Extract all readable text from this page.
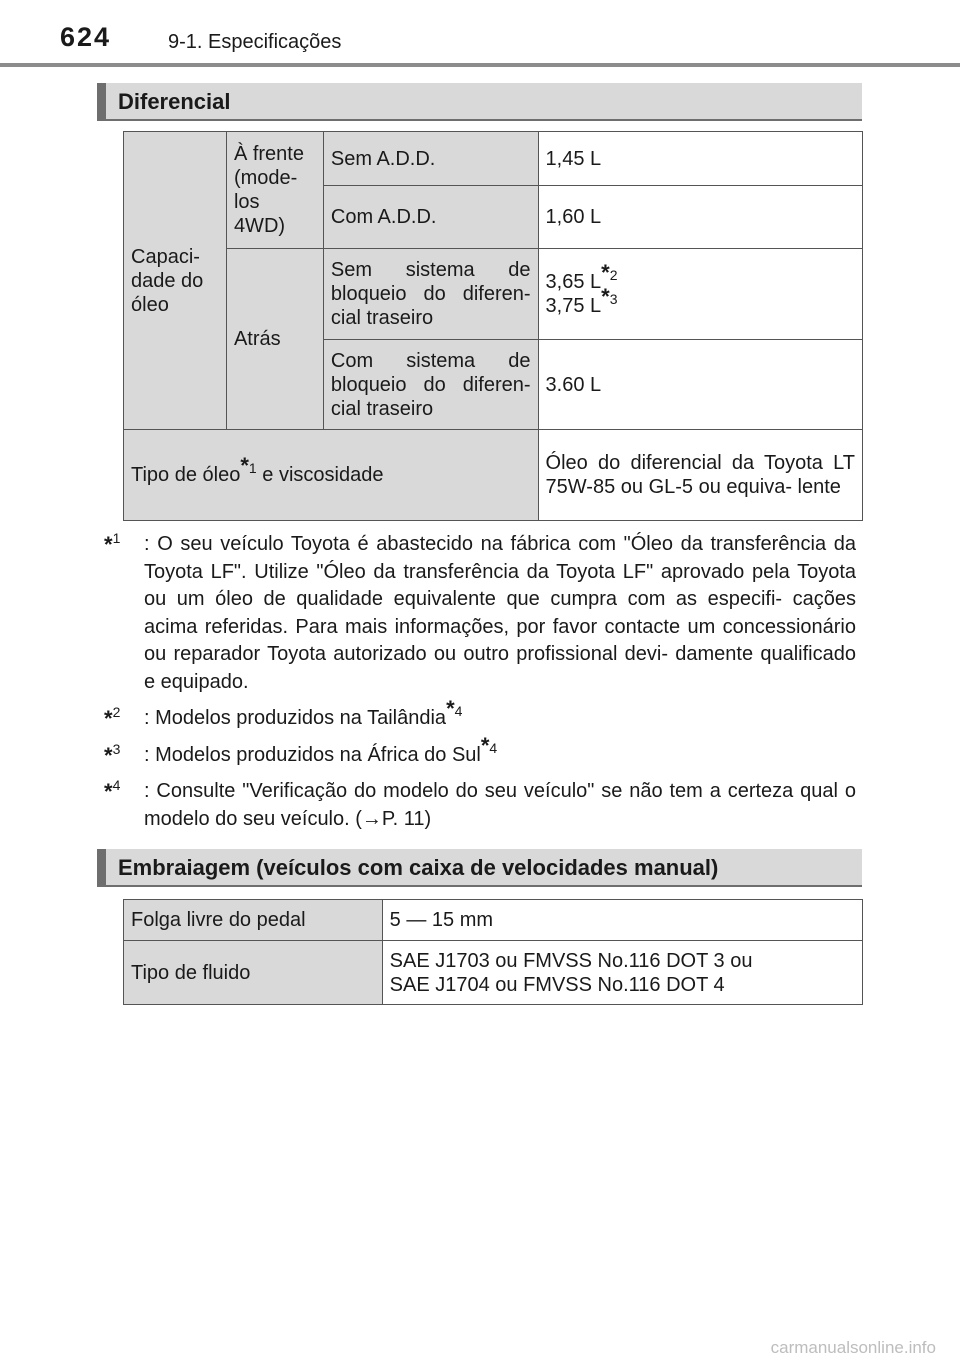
624	9-1. Especificações
Diferencial
Capaci-
dade do
óleo	À frente
(mode-
los
4WD)	Sem A.D.D.	1,45 L
		Com A.D.D.	1,60 L
	Atrás	Sem sistema de bloqueio do diferen- cial traseiro	3,65 $L^{*2}$
3,75 $L^{*3}$
		Com sistema de bloqueio do diferen- cial traseiro	3.60 L
Tipo de óleo$^{*1}$ e viscosidade			Óleo do diferencial da Toyota LT 75W-85 ou GL-5 ou equiva- lente
*$^1$ : O seu veículo Toyota é abastecido na fábrica com "Óleo da transferência da Toyota LF". Utilize "Óleo da transferência da Toyota LF" aprovado pela Toyota ou um óleo de qualidade equivalente que cumpra com as especifi- cações acima referidas. Para mais informações, por favor contacte um concessionário ou reparador Toyota autorizado ou outro profissional devi- damente qualificado e equipado.
*$^2$ : Modelos produzidos na Tailândia$^{*4}$
*$^3$ : Modelos produzidos na África do Sul$^{*4}$
*$^4$ : Consulte "Verificação do modelo do seu veículo" se não tem a certeza qual o modelo do seu veículo. (→P. 11)
Embraiagem (veículos com caixa de velocidades manual)
Folga livre do pedal	5 — 15 mm
Tipo de fluido	SAE J1703 ou FMVSS No.116 DOT 3 ou
SAE J1704 ou FMVSS No.116 DOT 4
carmanualsonline.info
